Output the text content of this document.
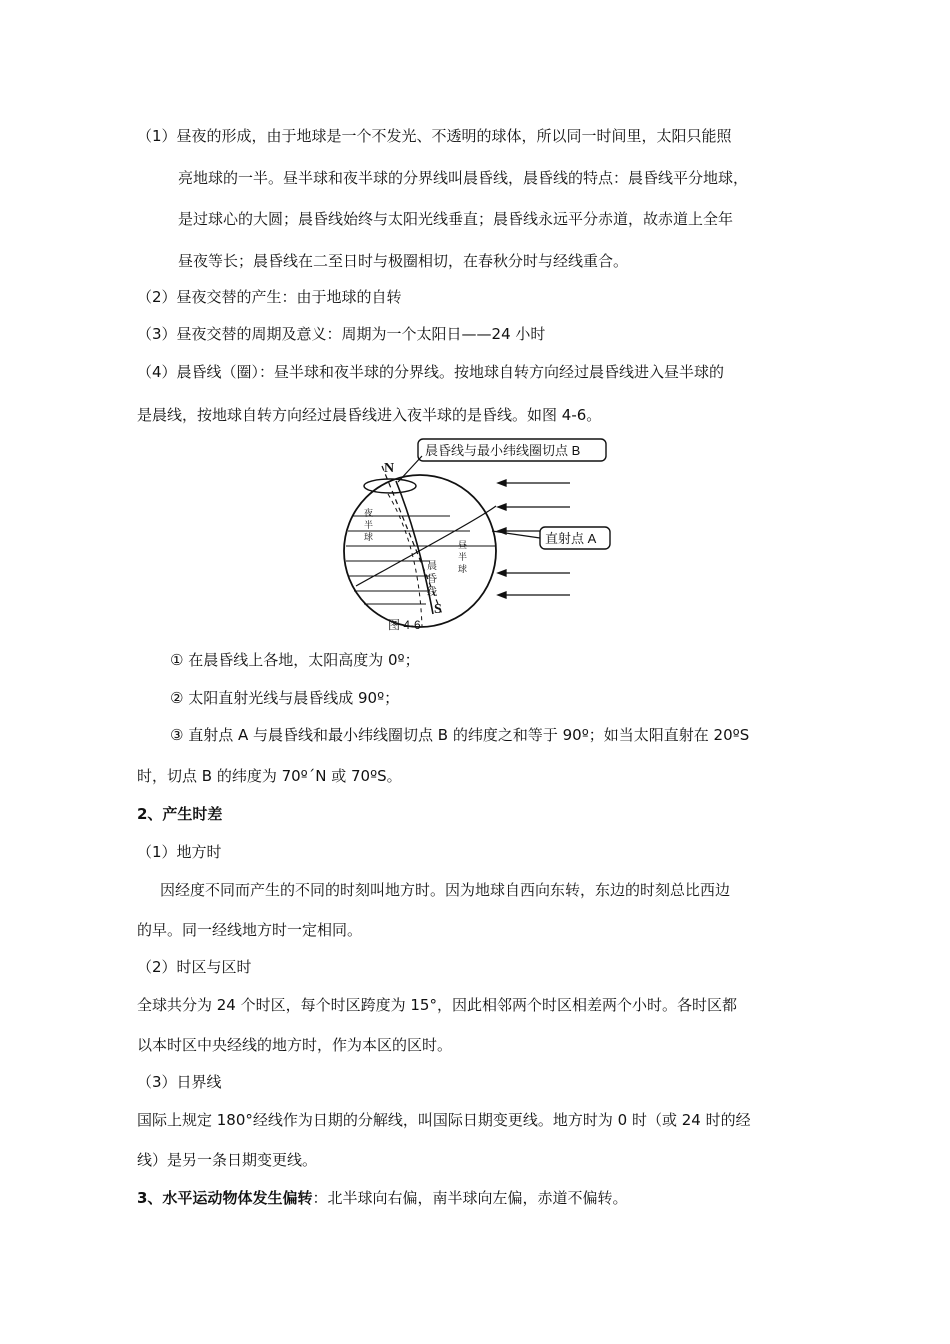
（1）昼夜的形成，由于地球是一个不发光、不透明的球体，所以同一时间里，太阳只能照
亮地球的一半。昼半球和夜半球的分界线叫晨昏线，晨昏线的特点：晨昏线平分地球，
是过球心的大圆；晨昏线始终与太阳光线垂直；晨昏线永远平分赤道，故赤道上全年
昼夜等长；晨昏线在二至日时与极圈相切，在春秋分时与经线重合。
（2）昼夜交替的产生：由于地球的自转
（3）昼夜交替的周期及意义：周期为一个太阳日——24 小时
（4）晨昏线（圈）：昼半球和夜半球的分界线。按地球自转方向经过晨昏线进入昼半球的
是晨线，按地球自转方向经过晨昏线进入夜半球的是昏线。如图 4-6。
晨昏线与最小纬线圈切点 B
直射点 A
N
S
夜
半
球
昼
半
球
晨
昏
线
图 4-6
① 在晨昏线上各地，太阳高度为 0º；
② 太阳直射光线与晨昏线成 90º；
③ 直射点 A 与晨昏线和最小纬线圈切点 B 的纬度之和等于 90º；如当太阳直射在 20ºS
时，切点 B 的纬度为 70º´N 或 70ºS。
2、产生时差
（1）地方时
因经度不同而产生的不同的时刻叫地方时。因为地球自西向东转，东边的时刻总比西边
的早。同一经线地方时一定相同。
（2）时区与区时
全球共分为 24 个时区，每个时区跨度为 15°，因此相邻两个时区相差两个小时。各时区都
以本时区中央经线的地方时，作为本区的区时。
（3）日界线
国际上规定 180°经线作为日期的分解线，叫国际日期变更线。地方时为 0 时（或 24 时的经
线）是另一条日期变更线。
3、水平运动物体发生偏转：北半球向右偏，南半球向左偏，赤道不偏转。
